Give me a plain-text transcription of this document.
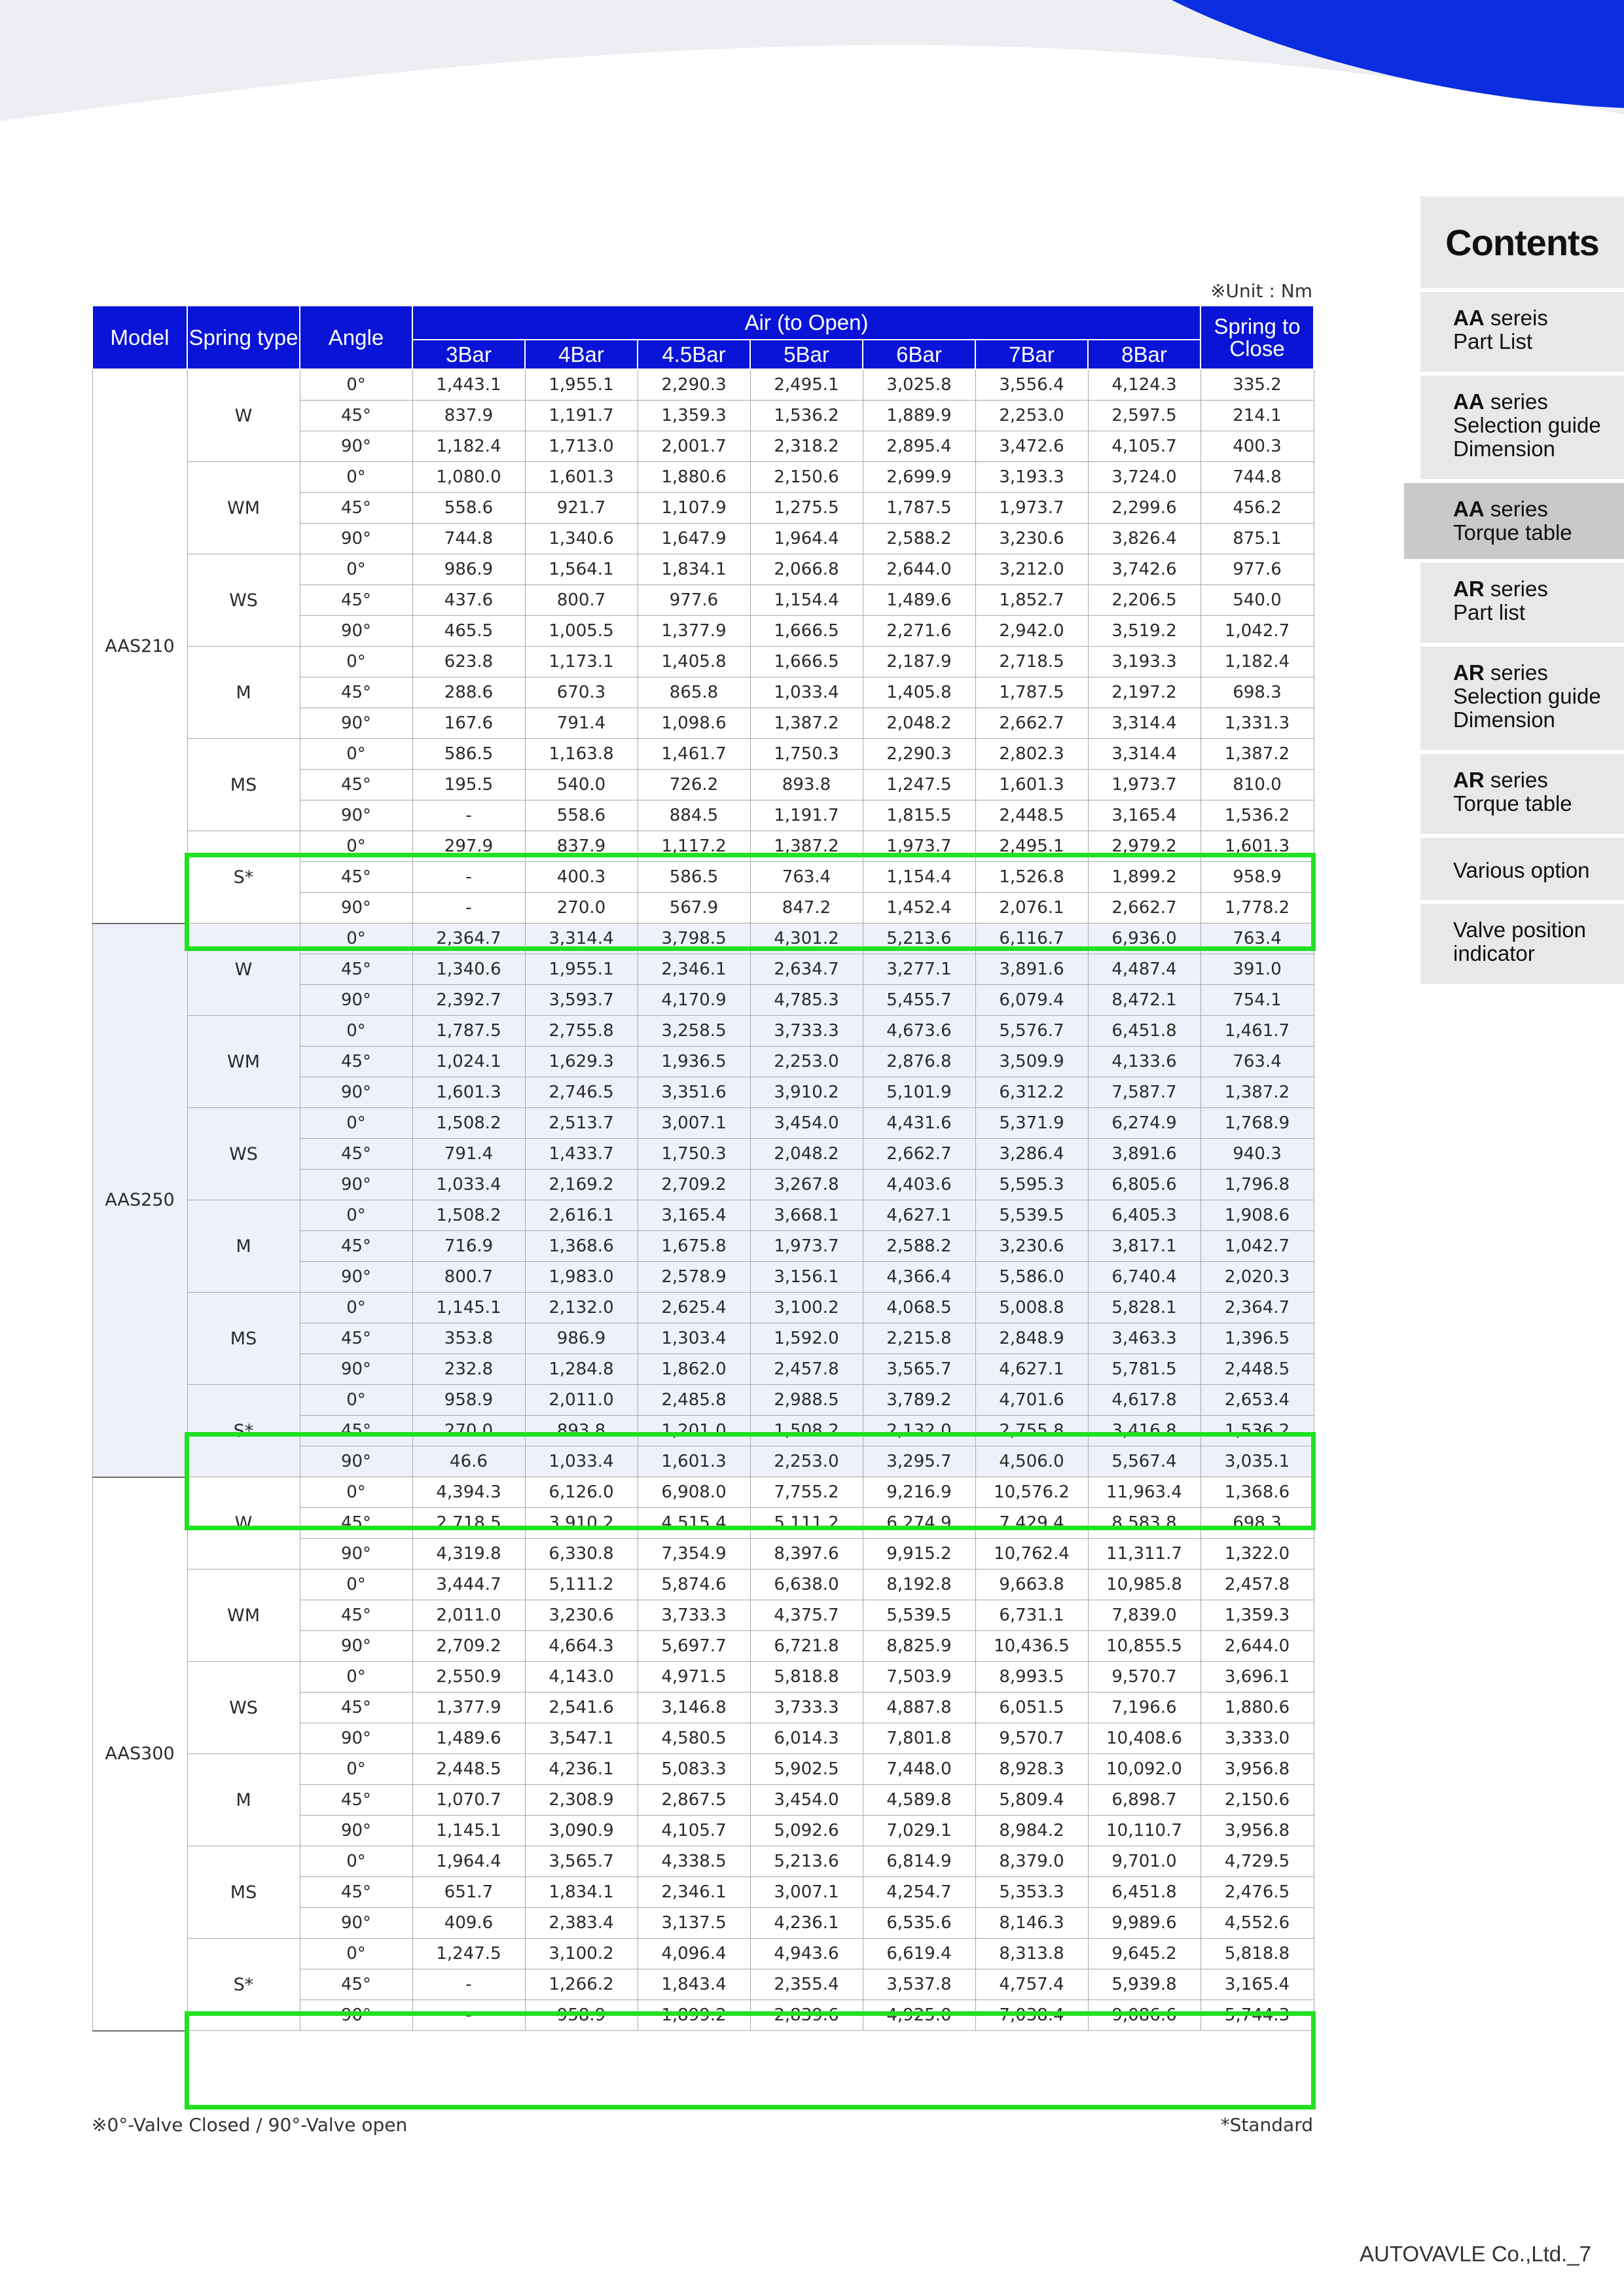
※Unit : Nm
Model	Spring type	Angle	Air (to Open)							Spring to Close
			3Bar	4Bar	4.5Bar	5Bar	6Bar	7Bar	8Bar	
AAS210	W	0°	1,443.1	1,955.1	2,290.3	2,495.1	3,025.8	3,556.4	4,124.3	335.2
		45°	837.9	1,191.7	1,359.3	1,536.2	1,889.9	2,253.0	2,597.5	214.1
		90°	1,182.4	1,713.0	2,001.7	2,318.2	2,895.4	3,472.6	4,105.7	400.3
	WM	0°	1,080.0	1,601.3	1,880.6	2,150.6	2,699.9	3,193.3	3,724.0	744.8
		45°	558.6	921.7	1,107.9	1,275.5	1,787.5	1,973.7	2,299.6	456.2
		90°	744.8	1,340.6	1,647.9	1,964.4	2,588.2	3,230.6	3,826.4	875.1
	WS	0°	986.9	1,564.1	1,834.1	2,066.8	2,644.0	3,212.0	3,742.6	977.6
		45°	437.6	800.7	977.6	1,154.4	1,489.6	1,852.7	2,206.5	540.0
		90°	465.5	1,005.5	1,377.9	1,666.5	2,271.6	2,942.0	3,519.2	1,042.7
	M	0°	623.8	1,173.1	1,405.8	1,666.5	2,187.9	2,718.5	3,193.3	1,182.4
		45°	288.6	670.3	865.8	1,033.4	1,405.8	1,787.5	2,197.2	698.3
		90°	167.6	791.4	1,098.6	1,387.2	2,048.2	2,662.7	3,314.4	1,331.3
	MS	0°	586.5	1,163.8	1,461.7	1,750.3	2,290.3	2,802.3	3,314.4	1,387.2
		45°	195.5	540.0	726.2	893.8	1,247.5	1,601.3	1,973.7	810.0
		90°	-	558.6	884.5	1,191.7	1,815.5	2,448.5	3,165.4	1,536.2
	S*	0°	297.9	837.9	1,117.2	1,387.2	1,973.7	2,495.1	2,979.2	1,601.3
		45°	-	400.3	586.5	763.4	1,154.4	1,526.8	1,899.2	958.9
		90°	-	270.0	567.9	847.2	1,452.4	2,076.1	2,662.7	1,778.2
AAS250	W	0°	2,364.7	3,314.4	3,798.5	4,301.2	5,213.6	6,116.7	6,936.0	763.4
		45°	1,340.6	1,955.1	2,346.1	2,634.7	3,277.1	3,891.6	4,487.4	391.0
		90°	2,392.7	3,593.7	4,170.9	4,785.3	5,455.7	6,079.4	8,472.1	754.1
	WM	0°	1,787.5	2,755.8	3,258.5	3,733.3	4,673.6	5,576.7	6,451.8	1,461.7
		45°	1,024.1	1,629.3	1,936.5	2,253.0	2,876.8	3,509.9	4,133.6	763.4
		90°	1,601.3	2,746.5	3,351.6	3,910.2	5,101.9	6,312.2	7,587.7	1,387.2
	WS	0°	1,508.2	2,513.7	3,007.1	3,454.0	4,431.6	5,371.9	6,274.9	1,768.9
		45°	791.4	1,433.7	1,750.3	2,048.2	2,662.7	3,286.4	3,891.6	940.3
		90°	1,033.4	2,169.2	2,709.2	3,267.8	4,403.6	5,595.3	6,805.6	1,796.8
	M	0°	1,508.2	2,616.1	3,165.4	3,668.1	4,627.1	5,539.5	6,405.3	1,908.6
		45°	716.9	1,368.6	1,675.8	1,973.7	2,588.2	3,230.6	3,817.1	1,042.7
		90°	800.7	1,983.0	2,578.9	3,156.1	4,366.4	5,586.0	6,740.4	2,020.3
	MS	0°	1,145.1	2,132.0	2,625.4	3,100.2	4,068.5	5,008.8	5,828.1	2,364.7
		45°	353.8	986.9	1,303.4	1,592.0	2,215.8	2,848.9	3,463.3	1,396.5
		90°	232.8	1,284.8	1,862.0	2,457.8	3,565.7	4,627.1	5,781.5	2,448.5
	S*	0°	958.9	2,011.0	2,485.8	2,988.5	3,789.2	4,701.6	4,617.8	2,653.4
		45°	270.0	893.8	1,201.0	1,508.2	2,132.0	2,755.8	3,416.8	1,536.2
		90°	46.6	1,033.4	1,601.3	2,253.0	3,295.7	4,506.0	5,567.4	3,035.1
AAS300	W	0°	4,394.3	6,126.0	6,908.0	7,755.2	9,216.9	10,576.2	11,963.4	1,368.6
		45°	2,718.5	3,910.2	4,515.4	5,111.2	6,274.9	7,429.4	8,583.8	698.3
		90°	4,319.8	6,330.8	7,354.9	8,397.6	9,915.2	10,762.4	11,311.7	1,322.0
	WM	0°	3,444.7	5,111.2	5,874.6	6,638.0	8,192.8	9,663.8	10,985.8	2,457.8
		45°	2,011.0	3,230.6	3,733.3	4,375.7	5,539.5	6,731.1	7,839.0	1,359.3
		90°	2,709.2	4,664.3	5,697.7	6,721.8	8,825.9	10,436.5	10,855.5	2,644.0
	WS	0°	2,550.9	4,143.0	4,971.5	5,818.8	7,503.9	8,993.5	9,570.7	3,696.1
		45°	1,377.9	2,541.6	3,146.8	3,733.3	4,887.8	6,051.5	7,196.6	1,880.6
		90°	1,489.6	3,547.1	4,580.5	6,014.3	7,801.8	9,570.7	10,408.6	3,333.0
	M	0°	2,448.5	4,236.1	5,083.3	5,902.5	7,448.0	8,928.3	10,092.0	3,956.8
		45°	1,070.7	2,308.9	2,867.5	3,454.0	4,589.8	5,809.4	6,898.7	2,150.6
		90°	1,145.1	3,090.9	4,105.7	5,092.6	7,029.1	8,984.2	10,110.7	3,956.8
	MS	0°	1,964.4	3,565.7	4,338.5	5,213.6	6,814.9	8,379.0	9,701.0	4,729.5
		45°	651.7	1,834.1	2,346.1	3,007.1	4,254.7	5,353.3	6,451.8	2,476.5
		90°	409.6	2,383.4	3,137.5	4,236.1	6,535.6	8,146.3	9,989.6	4,552.6
	S*	0°	1,247.5	3,100.2	4,096.4	4,943.6	6,619.4	8,313.8	9,645.2	5,818.8
		45°	-	1,266.2	1,843.4	2,355.4	3,537.8	4,757.4	5,939.8	3,165.4
		90°	-	958.9	1,899.2	2,839.6	4,925.0	7,038.4	9,086.6	5,744.3
※0°-Valve Closed / 90°-Valve open	*Standard
Contents
AA sereis
Part List
AA series
Selection guide
Dimension
AA series
Torque table
AR series
Part list
AR series
Selection guide
Dimension
AR series
Torque table
Various option
Valve position
indicator
AUTOVAVLE Co.,Ltd._7
